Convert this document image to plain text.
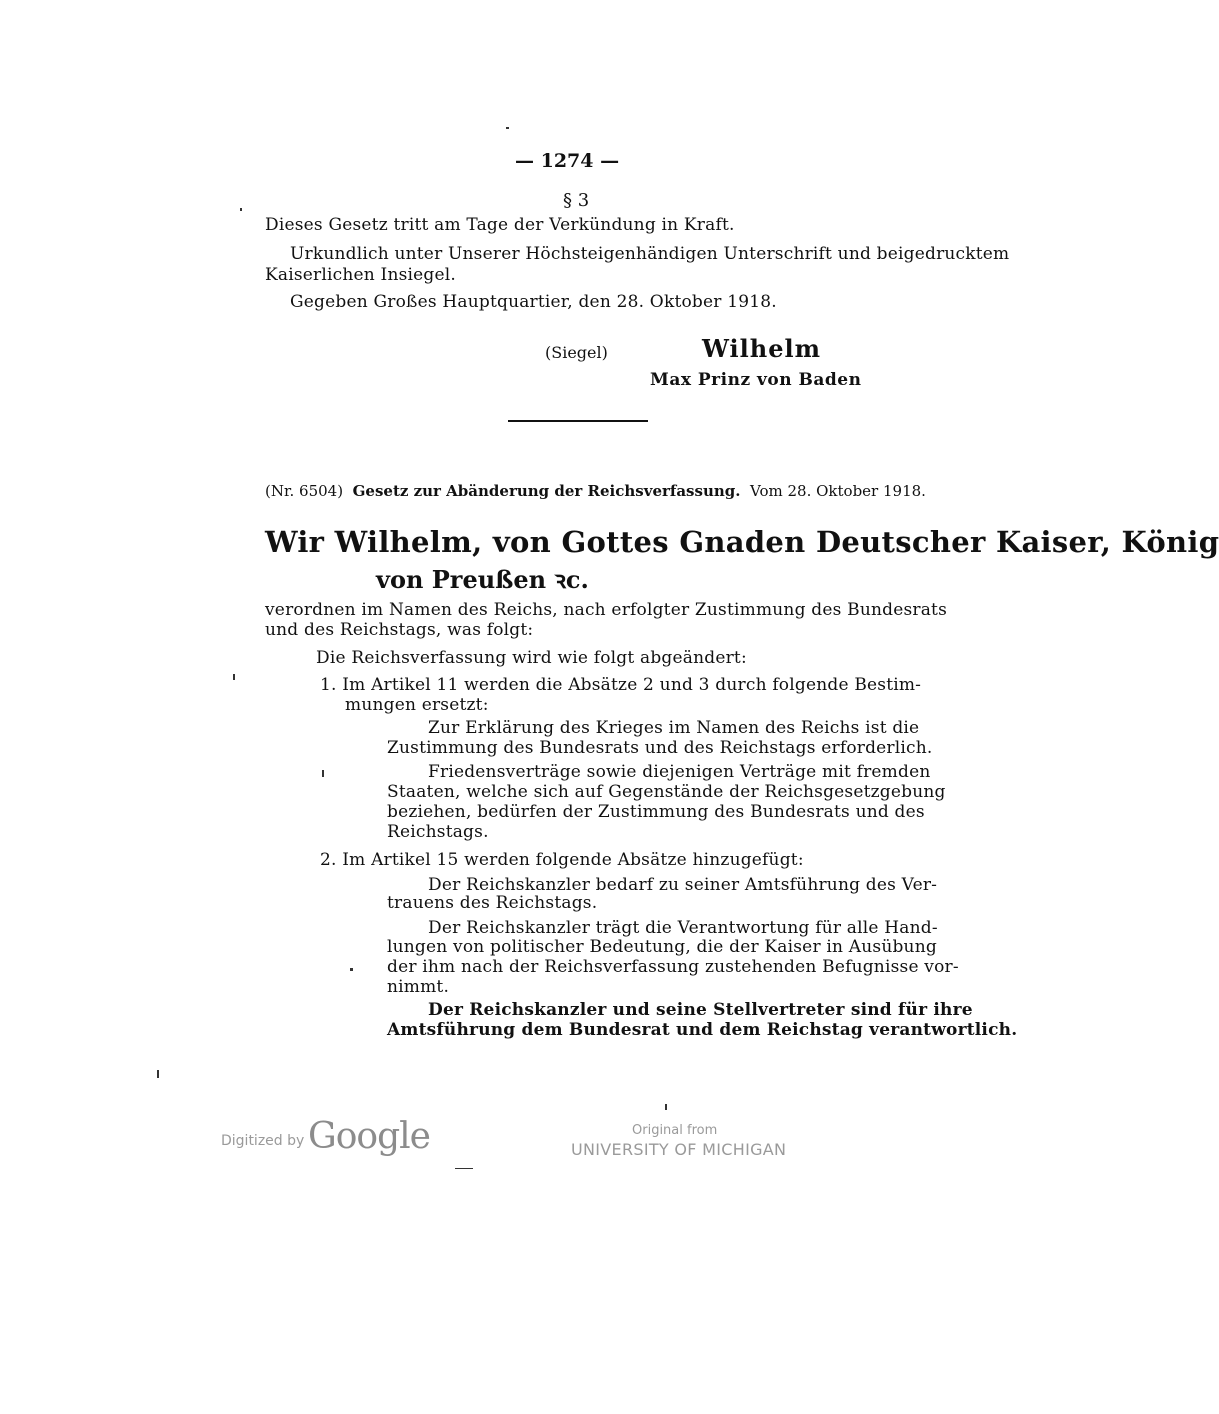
— 1274 —
§ 3
Dieses Gesetz tritt am Tage der Verkündung in Kraft.
Urkundlich unter Unserer Höchsteigenhändigen Unterschrift und beigedrucktem
Kaiserlichen Insiegel.
Gegeben Großes Hauptquartier, den 28. Oktober 1918.
(Siegel)	Wilhelm
Max Prinz von Baden
(Nr. 6504) Gesetz zur Abänderung der Reichsverfassung. Vom 28. Oktober 1918.
Wir Wilhelm, von Gottes Gnaden Deutscher Kaiser, König
von Preußen ꝛc.
verordnen im Namen des Reichs, nach erfolgter Zustimmung des Bundesrats
und des Reichstags, was folgt:
Die Reichsverfassung wird wie folgt abgeändert:
1. Im Artikel 11 werden die Absätze 2 und 3 durch folgende Bestim-
mungen ersetzt:
Zur Erklärung des Krieges im Namen des Reichs ist die
Zustimmung des Bundesrats und des Reichstags erforderlich.
Friedensverträge sowie diejenigen Verträge mit fremden
Staaten, welche sich auf Gegenstände der Reichsgesetzgebung
beziehen, bedürfen der Zustimmung des Bundesrats und des
Reichstags.
2. Im Artikel 15 werden folgende Absätze hinzugefügt:
Der Reichskanzler bedarf zu seiner Amtsführung des Ver-
trauens des Reichstags.
Der Reichskanzler trägt die Verantwortung für alle Hand-
lungen von politischer Bedeutung, die der Kaiser in Ausübung
der ihm nach der Reichsverfassung zustehenden Befugnisse vor-
nimmt.
Der Reichskanzler und seine Stellvertreter sind für ihre
Amtsführung dem Bundesrat und dem Reichstag verantwortlich.
Digitized by Google	Original from
UNIVERSITY OF MICHIGAN
